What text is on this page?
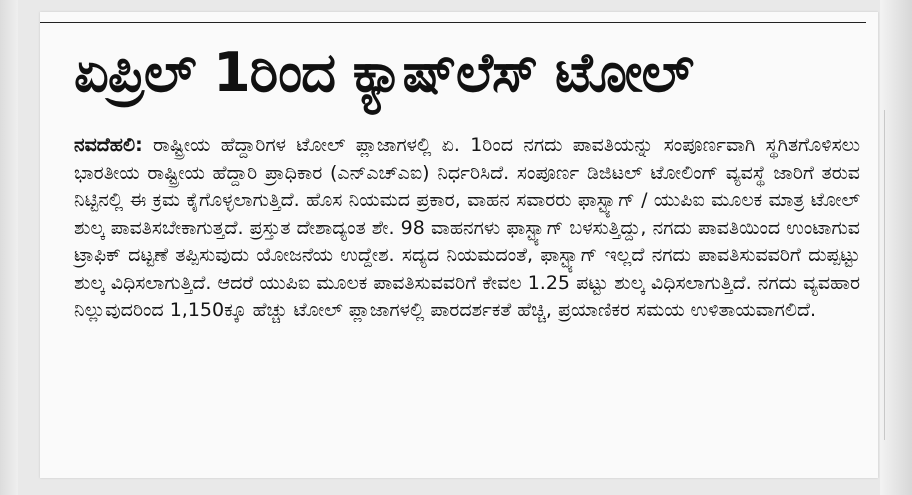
ಏಪ್ರಿಲ್ 1ರಿಂದ ಕ್ಯಾಷ್‌ಲೆಸ್ ಟೋಲ್

ನವದೆಹಲಿ: ರಾಷ್ಟ್ರೀಯ ಹೆದ್ದಾರಿಗಳ ಟೋಲ್ ಪ್ಲಾಜಾಗಳಲ್ಲಿ ಏ. 1ರಿಂದ ನಗದು ಪಾವತಿಯನ್ನು ಸಂಪೂರ್ಣವಾಗಿ ಸ್ಥಗಿತಗೊಳಿಸಲು ಭಾರತೀಯ ರಾಷ್ಟ್ರೀಯ ಹೆದ್ದಾರಿ ಪ್ರಾಧಿಕಾರ (ಎನ್‌ಎಚ್‌ಎಐ) ನಿರ್ಧರಿಸಿದೆ. ಸಂಪೂರ್ಣ ಡಿಜಿಟಲ್ ಟೋಲಿಂಗ್ ವ್ಯವಸ್ಥೆ ಜಾರಿಗೆ ತರುವ ನಿಟ್ಟಿನಲ್ಲಿ ಈ ಕ್ರಮ ಕೈಗೊಳ್ಳಲಾಗುತ್ತಿದೆ. ಹೊಸ ನಿಯಮದ ಪ್ರಕಾರ, ವಾಹನ ಸವಾರರು ಫಾಸ್ಟ್ಯಾಗ್ / ಯುಪಿಐ ಮೂಲಕ ಮಾತ್ರ ಟೋಲ್ ಶುಲ್ಕ ಪಾವತಿಸಬೇಕಾಗುತ್ತದೆ. ಪ್ರಸ್ತುತ ದೇಶಾದ್ಯಂತ ಶೇ. 98 ವಾಹನಗಳು ಫಾಸ್ಟ್ಯಾಗ್ ಬಳಸುತ್ತಿದ್ದು, ನಗದು ಪಾವತಿಯಿಂದ ಉಂಟಾಗುವ ಟ್ರಾಫಿಕ್ ದಟ್ಟಣೆ ತಪ್ಪಿಸುವುದು ಯೋಜನೆಯ ಉದ್ದೇಶ. ಸದ್ಯದ ನಿಯಮದಂತೆ, ಫಾಸ್ಟ್ಯಾಗ್ ಇಲ್ಲದೆ ನಗದು ಪಾವತಿಸುವವರಿಗೆ ದುಪ್ಪಟ್ಟು ಶುಲ್ಕ ವಿಧಿಸಲಾಗುತ್ತಿದೆ. ಆದರೆ ಯುಪಿಐ ಮೂಲಕ ಪಾವತಿಸುವವರಿಗೆ ಕೇವಲ 1.25 ಪಟ್ಟು ಶುಲ್ಕ ವಿಧಿಸಲಾಗುತ್ತಿದೆ. ನಗದು ವ್ಯವಹಾರ ನಿಲ್ಲುವುದರಿಂದ 1,150ಕ್ಕೂ ಹೆಚ್ಚು ಟೋಲ್ ಪ್ಲಾಜಾಗಳಲ್ಲಿ ಪಾರದರ್ಶಕತೆ ಹೆಚ್ಚಿ, ಪ್ರಯಾಣಿಕರ ಸಮಯ ಉಳಿತಾಯವಾಗಲಿದೆ.
